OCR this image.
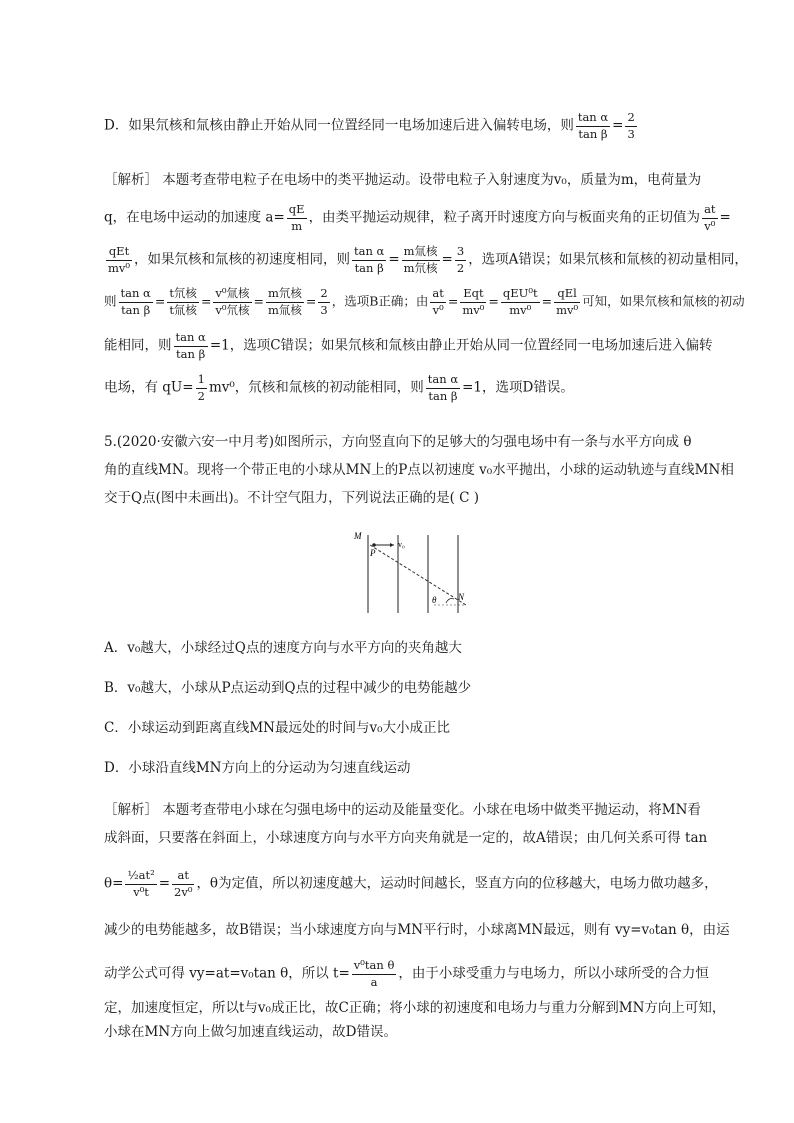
D．如果氘核和氚核由静止开始从同一位置经同一电场加速后进入偏转电场，则 $\frac{\text{tan α}}{\text{tan β}} = \frac{2}{3}$
［解析］ 本题考查带电粒子在电场中的类平抛运动。设带电粒子入射速度为v₀，质量为m，电荷量为
q，在电场中运动的加速度 $a= \frac{qE}{m}$ ，由类平抛运动规律，粒子离开时速度方向与板面夹角的正切值为 $\frac{at}{\text{v⁰}}$ =
$\frac{\text{qEt}}{\text{mv⁰}}$ ，如果氘核和氚核的初速度相同，则 $\frac{\text{tan α}}{\text{tan β}} = \frac{\text{m氚核}}{\text{m氘核}} = \frac{3}{2}$ ，选项A错误；如果氘核和氚核的初动量相同，
则 $\frac{\text{tan α}}{\text{tan β}} = \frac{\text{t氘核}}{\text{t氚核}} = \frac{\text{v⁰氚核}}{\text{v⁰氘核}} = \frac{\text{m氘核}}{\text{m氚核}} = \frac{2}{3}$ ，选项B正确；由 $\frac{at}{\text{v⁰}} = \frac{\text{Eqt}}{\text{mv⁰}} = \frac{\text{qEU⁰t}}{\text{mv⁰}} = \frac{\text{qEl}}{\text{mv⁰}}$ 可知，如果氘核和氚核的初动
能相同，则 $\frac{\text{tan α}}{\text{tan β}} =1$，选项C错误；如果氘核和氚核由静止开始从同一位置经同一电场加速后进入偏转
电场，有 $qU= \frac{1}{2} mv^0$，氘核和氚核的初动能相同，则 $\frac{\text{tan α}}{\text{tan β}} =1$，选项D错误。
5.(2020·安徽六安一中月考)如图所示，方向竖直向下的足够大的匀强电场中有一条与水平方向成 θ
角的直线MN。现将一个带正电的小球从MN上的P点以初速度 v₀水平抛出，小球的运动轨迹与直线MN相
交于Q点(图中未画出)。不计空气阻力，下列说法正确的是( C )
M
P
v₀
θ N
A．v₀越大，小球经过Q点的速度方向与水平方向的夹角越大
B．v₀越大，小球从P点运动到Q点的过程中减少的电势能越少
C．小球运动到距离直线MN最远处的时间与v₀大小成正比
D．小球沿直线MN方向上的分运动为匀速直线运动
［解析］ 本题考查带电小球在匀强电场中的运动及能量变化。小球在电场中做类平抛运动，将MN看
成斜面，只要落在斜面上，小球速度方向与水平方向夹角就是一定的，故A错误；由几何关系可得 tan
$\theta= \frac{\text{½at²}}{\text{v⁰t}} = \frac{at}{\text{2v⁰}}$ ，θ为定值，所以初速度越大，运动时间越长，竖直方向的位移越大，电场力做功越多，
减少的电势能越多，故B错误；当小球速度方向与MN平行时，小球离MN最远，则有 vy=v₀tan θ，由运
动学公式可得 vy=at=v₀tan θ，所以 $t= \frac{\text{v⁰tan θ}}{a}$ ，由于小球受重力与电场力，所以小球所受的合力恒
定，加速度恒定，所以t与v₀成正比，故C正确；将小球的初速度和电场力与重力分解到MN方向上可知，
小球在MN方向上做匀加速直线运动，故D错误。
